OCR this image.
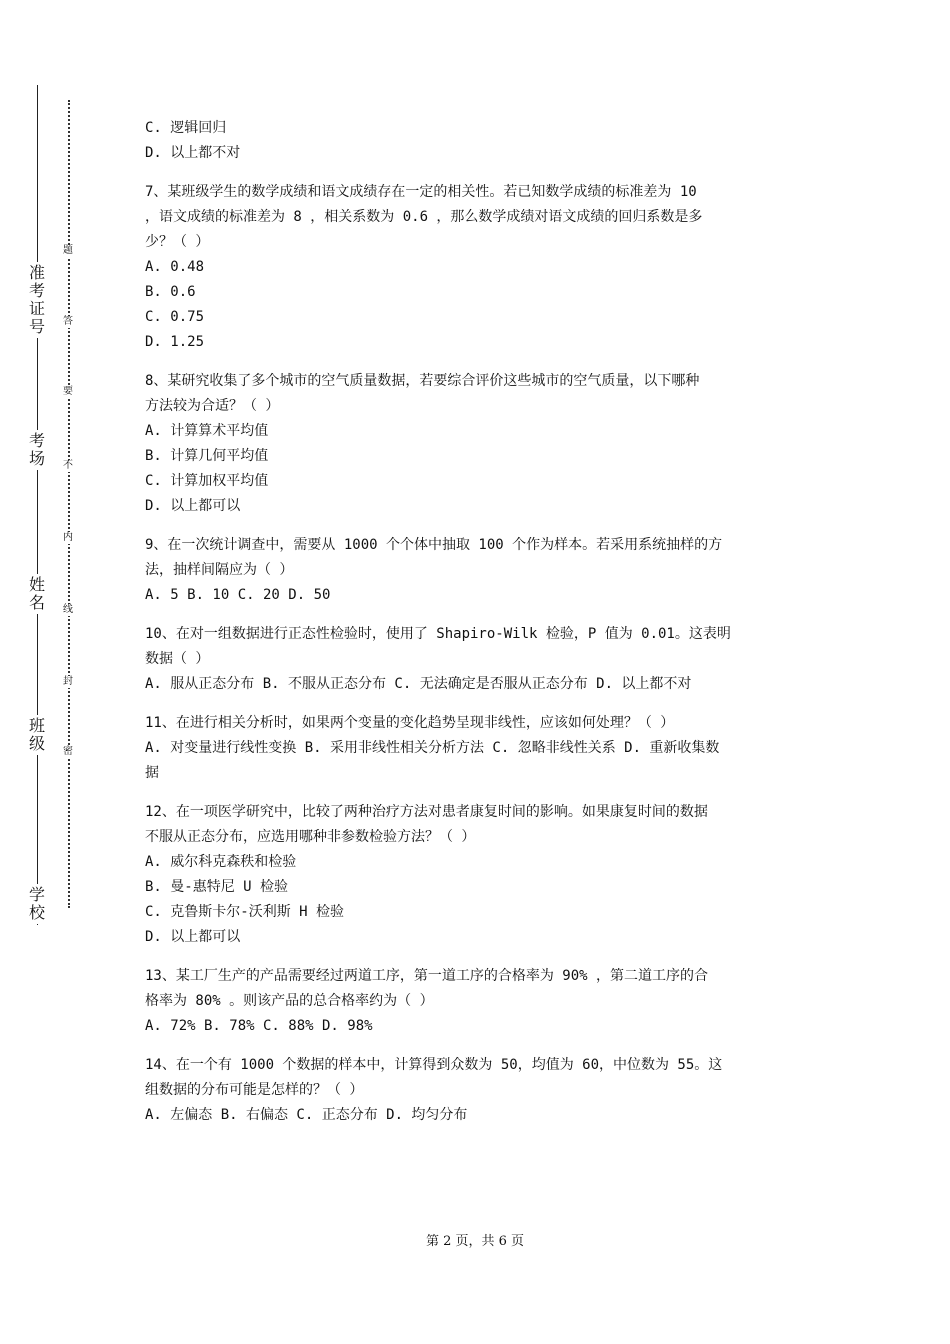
准
考
证
号
考
场
姓
名
班
级
学
校
题
答
要
不
内
线
封
密
C. 逻辑回归
D. 以上都不对
7、某班级学生的数学成绩和语文成绩存在一定的相关性。若已知数学成绩的标准差为 10
，语文成绩的标准差为 8 ，相关系数为 0.6 ，那么数学成绩对语文成绩的回归系数是多
少？（ ）
A. 0.48
B. 0.6
C. 0.75
D. 1.25
8、某研究收集了多个城市的空气质量数据，若要综合评价这些城市的空气质量，以下哪种
方法较为合适？（ ）
A. 计算算术平均值
B. 计算几何平均值
C. 计算加权平均值
D. 以上都可以
9、在一次统计调查中，需要从 1000 个个体中抽取 100 个作为样本。若采用系统抽样的方
法，抽样间隔应为（ ）
A. 5 B. 10 C. 20 D. 50
10、在对一组数据进行正态性检验时，使用了 Shapiro-Wilk 检验，P 值为 0.01。这表明
数据（ ）
A. 服从正态分布 B. 不服从正态分布 C. 无法确定是否服从正态分布 D. 以上都不对
11、在进行相关分析时，如果两个变量的变化趋势呈现非线性，应该如何处理？（ ）
A. 对变量进行线性变换 B. 采用非线性相关分析方法 C. 忽略非线性关系 D. 重新收集数
据
12、在一项医学研究中，比较了两种治疗方法对患者康复时间的影响。如果康复时间的数据
不服从正态分布，应选用哪种非参数检验方法？（ ）
A. 威尔科克森秩和检验
B. 曼-惠特尼 U 检验
C. 克鲁斯卡尔-沃利斯 H 检验
D. 以上都可以
13、某工厂生产的产品需要经过两道工序，第一道工序的合格率为 90% ，第二道工序的合
格率为 80% 。则该产品的总合格率约为（ ）
A. 72% B. 78% C. 88% D. 98%
14、在一个有 1000 个数据的样本中，计算得到众数为 50，均值为 60，中位数为 55。这
组数据的分布可能是怎样的？（ ）
A. 左偏态 B. 右偏态 C. 正态分布 D. 均匀分布
第 2 页，共 6 页
